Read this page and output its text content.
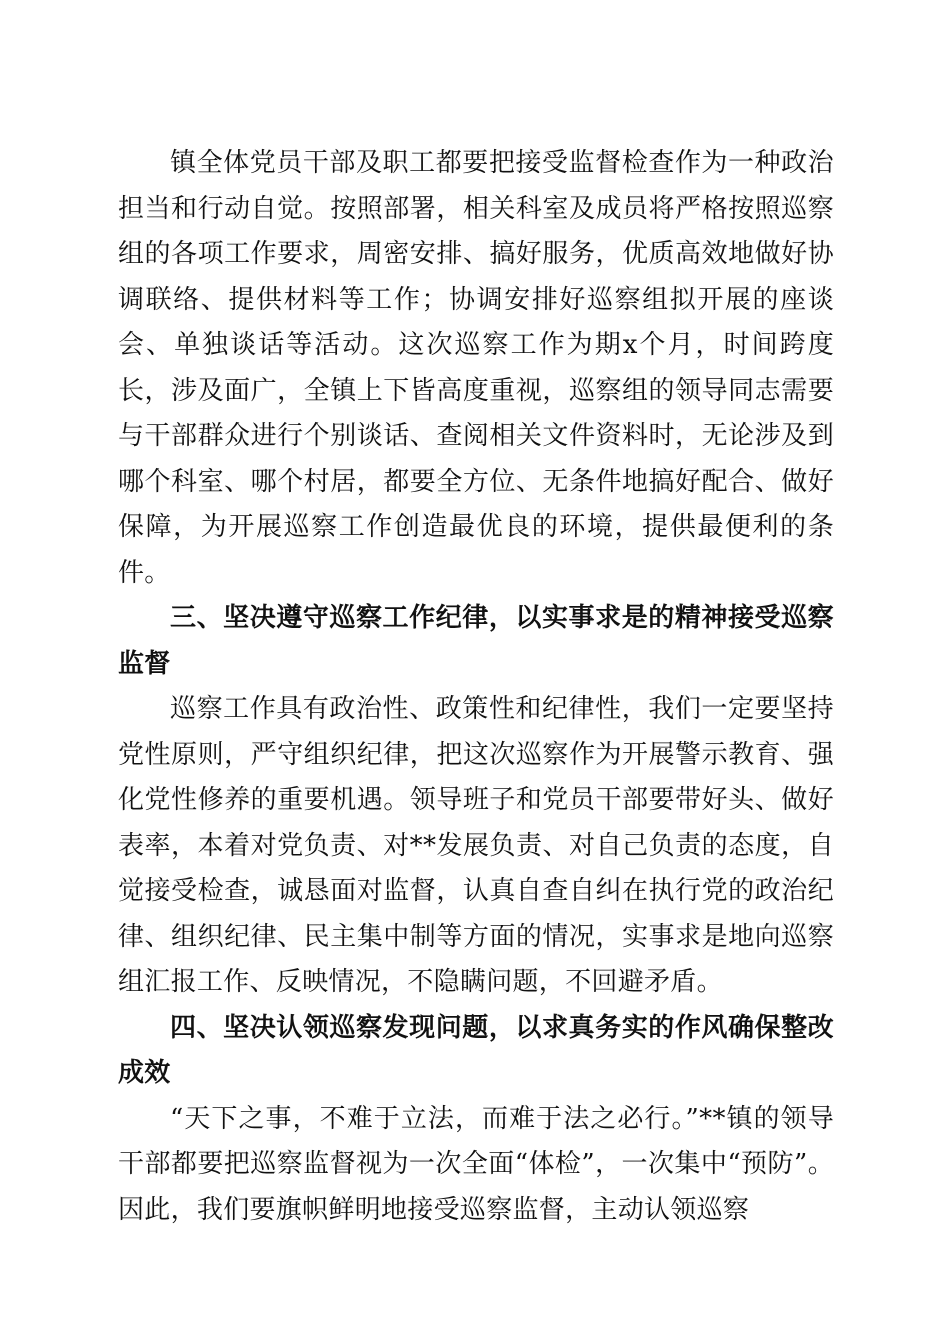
镇全体党员干部及职工都要把接受监督检查作为一种政治担当和行动自觉。按照部署，相关科室及成员将严格按照巡察组的各项工作要求，周密安排、搞好服务，优质高效地做好协调联络、提供材料等工作；协调安排好巡察组拟开展的座谈会、单独谈话等活动。这次巡察工作为期x个月，时间跨度长，涉及面广，全镇上下皆高度重视，巡察组的领导同志需要与干部群众进行个别谈话、查阅相关文件资料时，无论涉及到哪个科室、哪个村居，都要全方位、无条件地搞好配合、做好保障，为开展巡察工作创造最优良的环境，提供最便利的条件。

三、坚决遵守巡察工作纪律，以实事求是的精神接受巡察监督

巡察工作具有政治性、政策性和纪律性，我们一定要坚持党性原则，严守组织纪律，把这次巡察作为开展警示教育、强化党性修养的重要机遇。领导班子和党员干部要带好头、做好表率，本着对党负责、对**发展负责、对自己负责的态度，自觉接受检查，诚恳面对监督，认真自查自纠在执行党的政治纪律、组织纪律、民主集中制等方面的情况，实事求是地向巡察组汇报工作、反映情况，不隐瞒问题，不回避矛盾。

四、坚决认领巡察发现问题，以求真务实的作风确保整改成效

“天下之事，不难于立法，而难于法之必行。”**镇的领导干部都要把巡察监督视为一次全面“体检”，一次集中“预防”。因此，我们要旗帜鲜明地接受巡察监督，主动认领巡察
